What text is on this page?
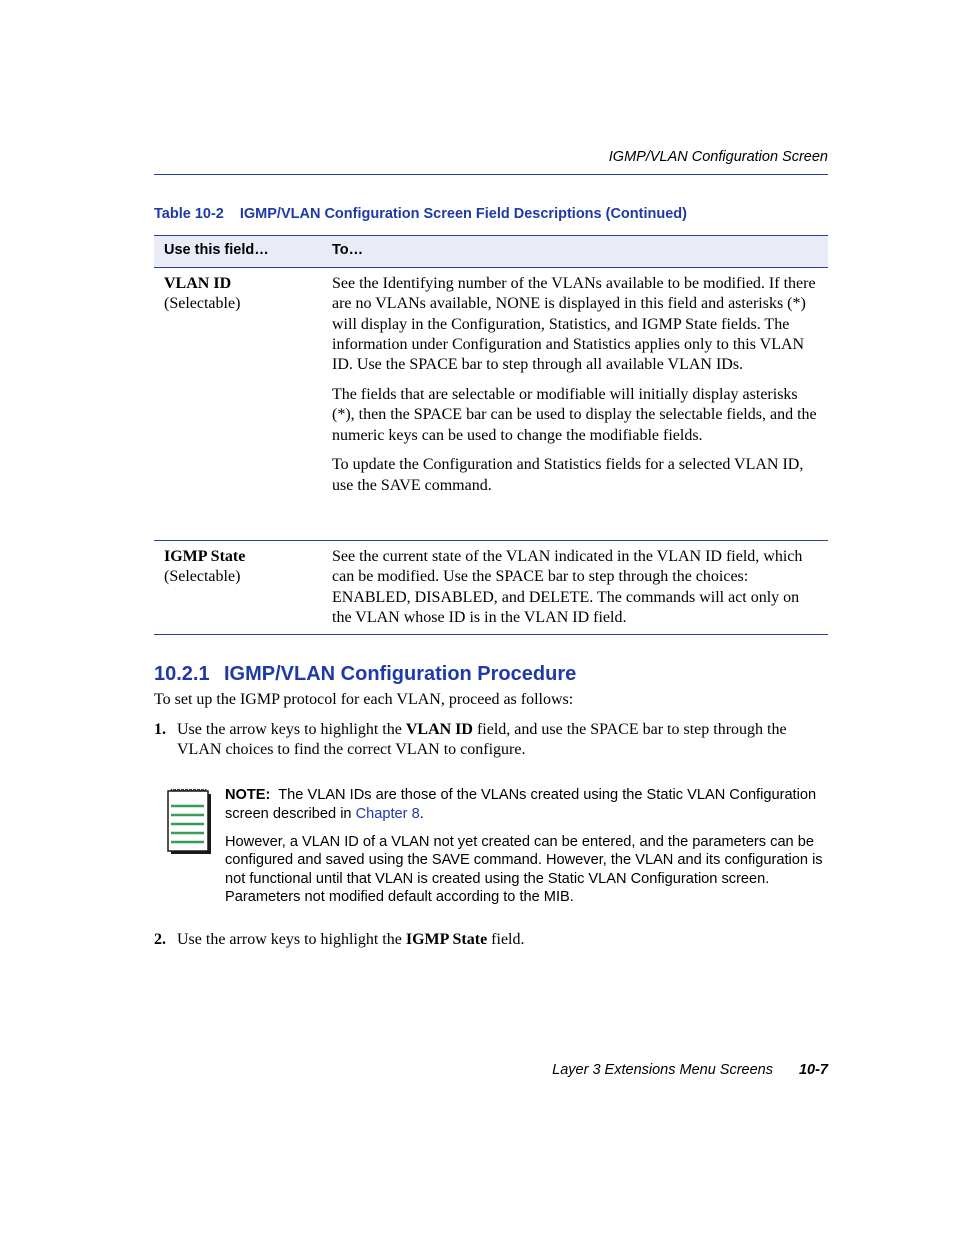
IGMP/VLAN Configuration Screen
Table 10-2 IGMP/VLAN Configuration Screen Field Descriptions (Continued)
Use this field…	To…
VLAN ID
(Selectable)

See the Identifying number of the VLANs available to be modified. If there are no VLANs available, NONE is displayed in this field and asterisks (*) will display in the Configuration, Statistics, and IGMP State fields. The information under Configuration and Statistics applies only to this VLAN ID. Use the SPACE bar to step through all available VLAN IDs.

The fields that are selectable or modifiable will initially display asterisks (*), then the SPACE bar can be used to display the selectable fields, and the numeric keys can be used to change the modifiable fields.

To update the Configuration and Statistics fields for a selected VLAN ID, use the SAVE command.

IGMP State
(Selectable)

See the current state of the VLAN indicated in the VLAN ID field, which can be modified. Use the SPACE bar to step through the choices: ENABLED, DISABLED, and DELETE. The commands will act only on the VLAN whose ID is in the VLAN ID field.

10.2.1 IGMP/VLAN Configuration Procedure
To set up the IGMP protocol for each VLAN, proceed as follows:
1. Use the arrow keys to highlight the VLAN ID field, and use the SPACE bar to step through the VLAN choices to find the correct VLAN to configure.

NOTE: The VLAN IDs are those of the VLANs created using the Static VLAN Configuration screen described in Chapter 8.

However, a VLAN ID of a VLAN not yet created can be entered, and the parameters can be configured and saved using the SAVE command. However, the VLAN and its configuration is not functional until that VLAN is created using the Static VLAN Configuration screen. Parameters not modified default according to the MIB.

2. Use the arrow keys to highlight the IGMP State field.
Layer 3 Extensions Menu Screens 10-7
